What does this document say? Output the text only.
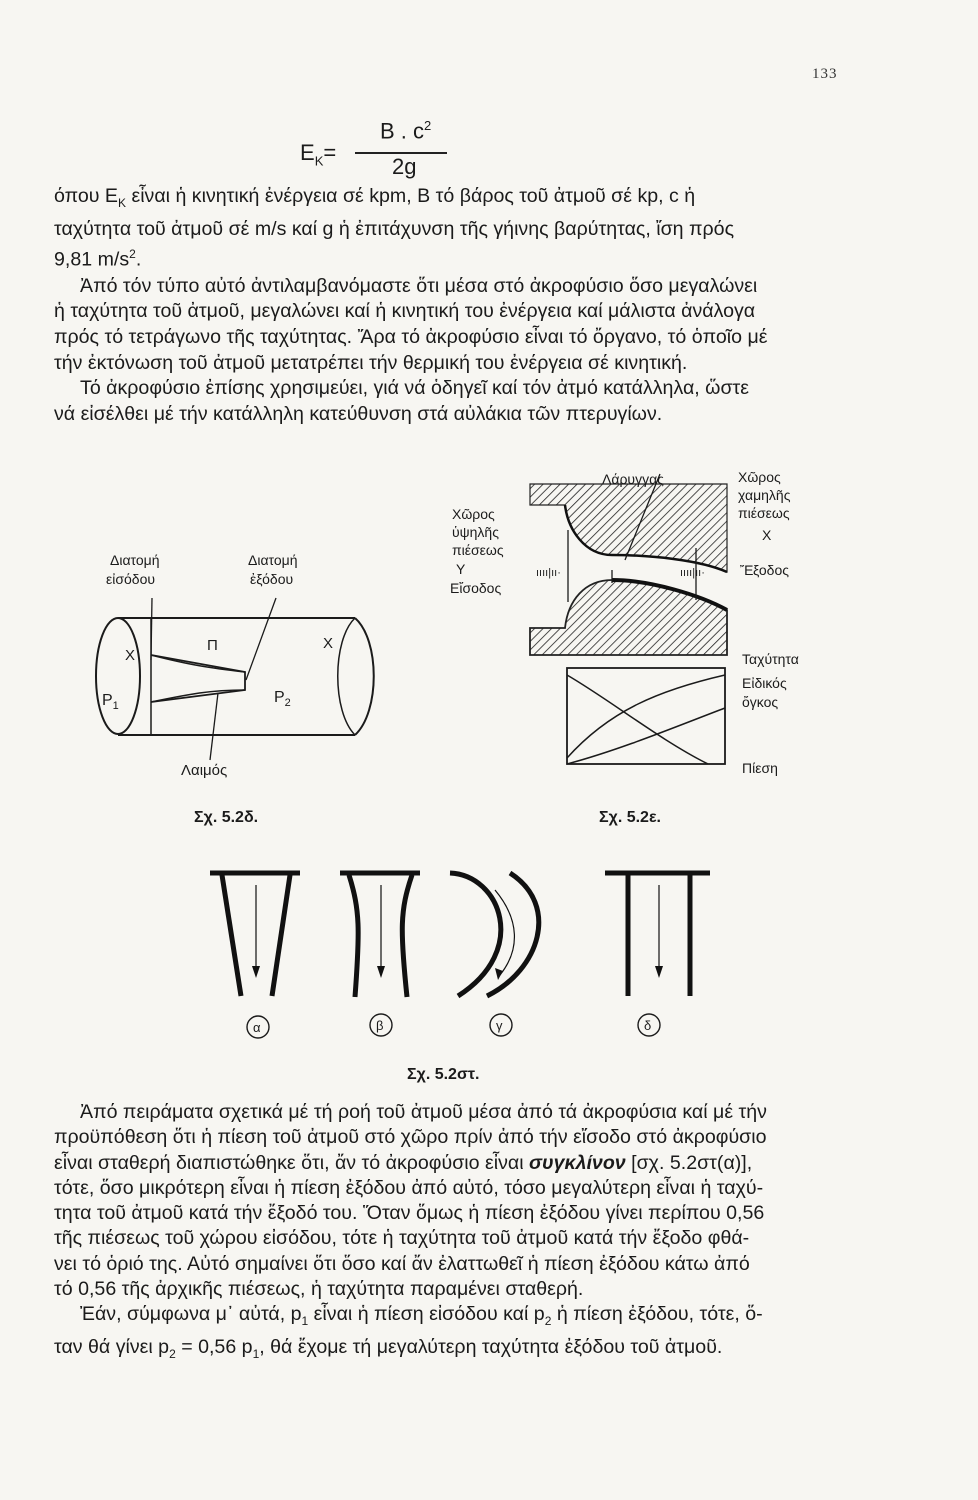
133
B . $c^2$
$E_K=$
2g
όπου $E_K$ εἶναι ἡ κινητική ἐνέργεια σέ kpm, B τό βάρος τοῦ ἀτμοῦ σέ kp, c ἡ
ταχύτητα τοῦ ἀτμοῦ σέ m/s καί g ἡ ἐπιτάχυνση τῆς γήινης βαρύτητας, ἴση πρός
9,81 $m/s^2$.
Ἀπό τόν τύπο αὐτό ἀντιλαμβανόμαστε ὅτι μέσα στό ἀκροφύσιο ὅσο μεγαλώνει
ἡ ταχύτητα τοῦ ἀτμοῦ, μεγαλώνει καί ἡ κινητική του ἐνέργεια καί μάλιστα ἀνάλογα
πρός τό τετράγωνο τῆς ταχύτητας. Ἄρα τό ἀκροφύσιο εἶναι τό ὄργανο, τό ὁποῖο μέ
τήν ἐκτόνωση τοῦ ἀτμοῦ μετατρέπει τήν θερμική του ἐνέργεια σέ κινητική.
Τό ἀκροφύσιο ἐπίσης χρησιμεύει, γιά νά ὁδηγεῖ καί τόν ἀτμό κατάλληλα, ὥστε
νά εἰσέλθει μέ τήν κατάλληλη κατεύθυνση στά αὐλάκια τῶν πτερυγίων.
Διατομή
εἰσόδου
Διατομή
ἐξόδου
X
Π	X
$P_1$	$P_2$
Λαιμός
Σχ. 5.2δ.
ıııı|ıı·	ıııı|ıı·
Λάρυγγας
Χῶρος
ὑψηλῆς
πιέσεως
Υ
Εἴσοδος
Χῶρος
χαμηλῆς
πιέσεως
Χ
Ἔξοδος
Ταχύτητα
Εἰδικός
ὄγκος
Πίεση
Σχ. 5.2ε.
α	β	γ	δ
Σχ. 5.2στ.
Ἀπό πειράματα σχετικά μέ τή ροή τοῦ ἀτμοῦ μέσα ἀπό τά ἀκροφύσια καί μέ τήν
προϋπόθεση ὅτι ἡ πίεση τοῦ ἀτμοῦ στό χῶρο πρίν ἀπό τήν εἴσοδο στό ἀκροφύσιο
εἶναι σταθερή διαπιστώθηκε ὅτι, ἄν τό ἀκροφύσιο εἶναι συγκλίνον [σχ. 5.2στ(α)],
τότε, ὅσο μικρότερη εἶναι ἡ πίεση ἐξόδου ἀπό αὐτό, τόσο μεγαλύτερη εἶναι ἡ ταχύ-
τητα τοῦ ἀτμοῦ κατά τήν ἔξοδό του. Ὅταν ὅμως ἡ πίεση ἐξόδου γίνει περίπου 0,56
τῆς πιέσεως τοῦ χώρου εἰσόδου, τότε ἡ ταχύτητα τοῦ ἀτμοῦ κατά τήν ἔξοδο φθά-
νει τό ὁριό της. Αὐτό σημαίνει ὅτι ὅσο καί ἄν ἐλαττωθεῖ ἡ πίεση ἐξόδου κάτω ἀπό
τό 0,56 τῆς ἀρχικῆς πιέσεως, ἡ ταχύτητα παραμένει σταθερή.
Ἐάν, σύμφωνα μ᾽ αὐτά, $p_1$ εἶναι ἡ πίεση εἰσόδου καί $p_2$ ἡ πίεση ἐξόδου, τότε, ὅ-
ταν θά γίνει $p_2 = 0,56$ $p_1$, θά ἔχομε τή μεγαλύτερη ταχύτητα ἐξόδου τοῦ ἀτμοῦ.
